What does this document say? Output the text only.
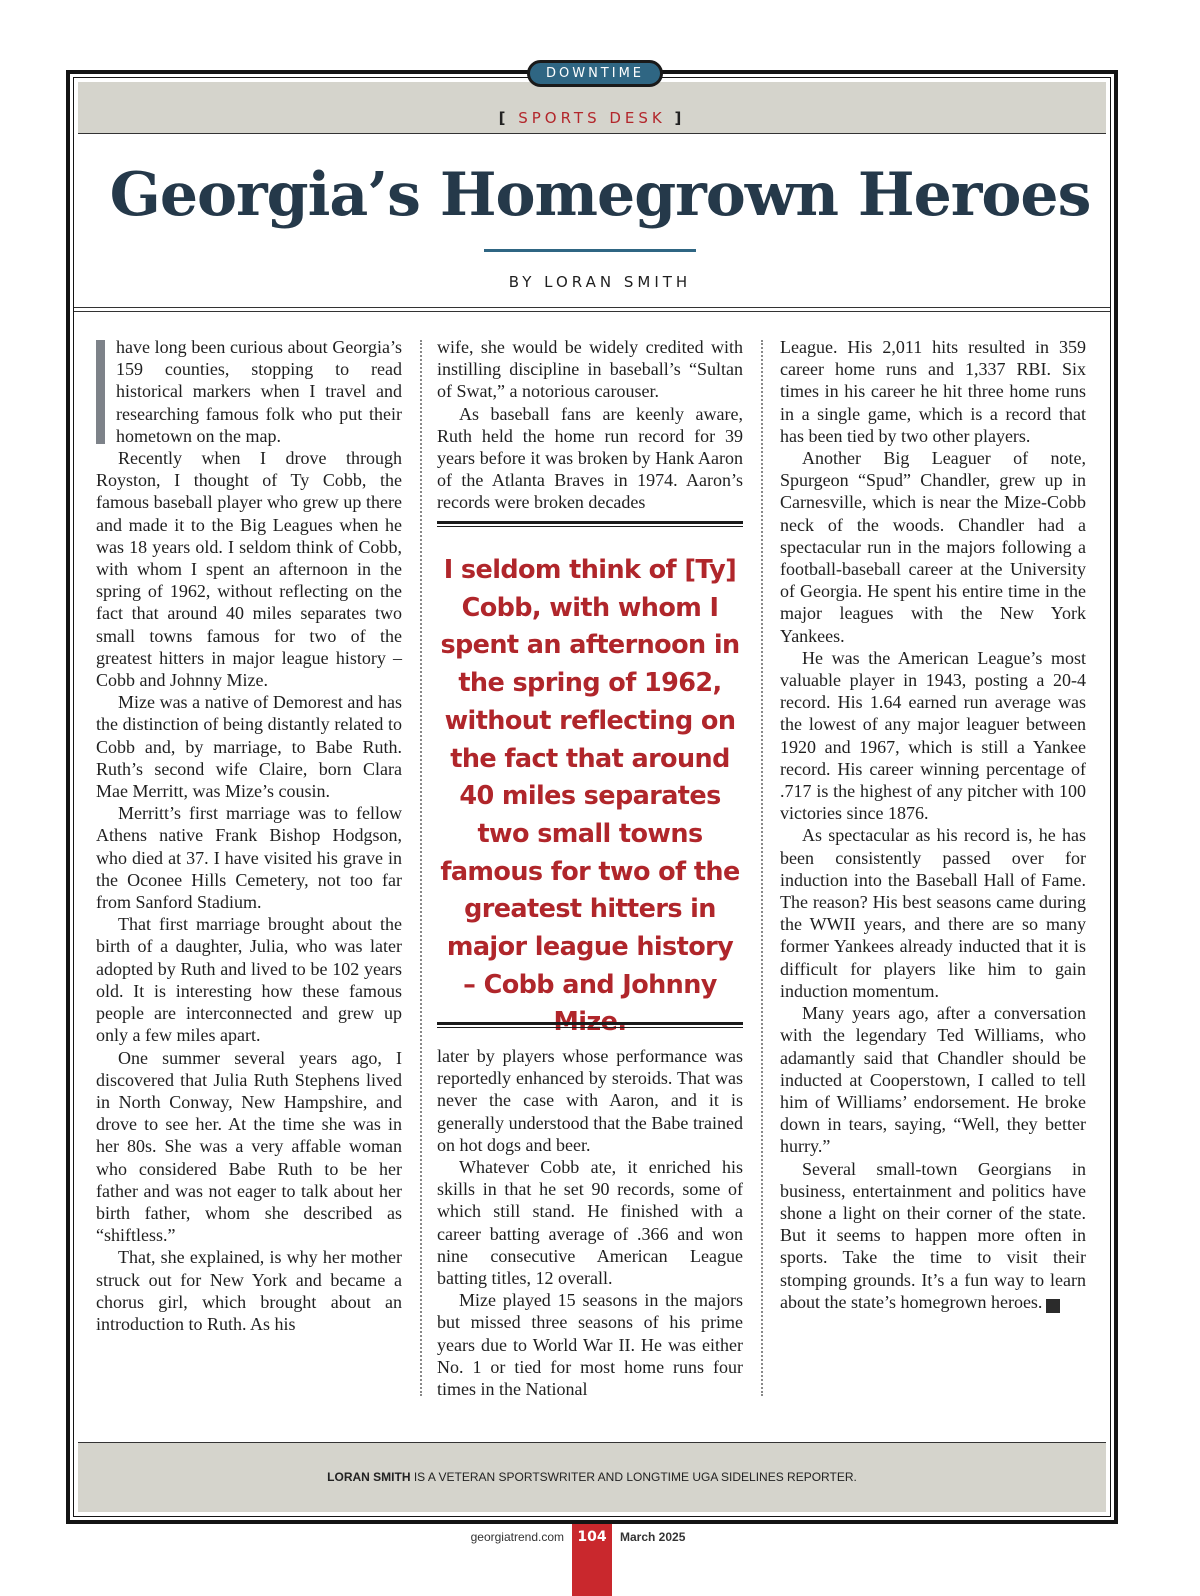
[ SPORTS DESK ]
LORAN SMITH IS A VETERAN SPORTSWRITER AND LONGTIME UGA SIDELINES REPORTER.
DOWNTIME
Georgia’s Homegrown Heroes
BY LORAN SMITH

have long been curious about Georgia’s 159 counties, stopping to read historical markers when I travel and researching famous folk who put their hometown on the map.

Recently when I drove through Royston, I thought of Ty Cobb, the famous baseball player who grew up there and made it to the Big Leagues when he was 18 years old. I seldom think of Cobb, with whom I spent an afternoon in the spring of 1962, without reflecting on the fact that around 40 miles separates two small towns famous for two of the greatest hitters in major league history – Cobb and Johnny Mize.

Mize was a native of Demorest and has the distinction of being distantly related to Cobb and, by marriage, to Babe Ruth. Ruth’s second wife Claire, born Clara Mae Merritt, was Mize’s cousin.

Merritt’s first marriage was to fellow Athens native Frank Bishop Hodgson, who died at 37. I have visited his grave in the Oconee Hills Cemetery, not too far from Sanford Stadium.

That first marriage brought about the birth of a daughter, Julia, who was later adopted by Ruth and lived to be 102 years old. It is interesting how these famous people are interconnected and grew up only a few miles apart.

One summer several years ago, I discovered that Julia Ruth Stephens lived in North Conway, New Hampshire, and drove to see her. At the time she was in her 80s. She was a very affable woman who considered Babe Ruth to be her father and was not eager to talk about her birth father, whom she described as “shiftless.”

That, she explained, is why her mother struck out for New York and became a chorus girl, which brought about an introduction to Ruth. As his

wife, she would be widely credited with instilling discipline in baseball’s “Sultan of Swat,” a notorious carouser.

As baseball fans are keenly aware, Ruth held the home run record for 39 years before it was broken by Hank Aaron of the Atlanta Braves in 1974. Aaron’s records were broken decades

I seldom think of [Ty] Cobb, with whom I spent an afternoon in the spring of 1962, without reflecting on the fact that around 40 miles separates two small towns famous for two of the greatest hitters in major league history – Cobb and Johnny Mize.

later by players whose performance was reportedly enhanced by steroids. That was never the case with Aaron, and it is generally understood that the Babe trained on hot dogs and beer.

Whatever Cobb ate, it enriched his skills in that he set 90 records, some of which still stand. He finished with a career batting average of .366 and won nine consecutive American League batting titles, 12 overall.

Mize played 15 seasons in the majors but missed three seasons of his prime years due to World War II. He was either No. 1 or tied for most home runs four times in the National

League. His 2,011 hits resulted in 359 career home runs and 1,337 RBI. Six times in his career he hit three home runs in a single game, which is a record that has been tied by two other players.

Another Big Leaguer of note, Spurgeon “Spud” Chandler, grew up in Carnesville, which is near the Mize-Cobb neck of the woods. Chandler had a spectacular run in the majors following a football-baseball career at the University of Georgia. He spent his entire time in the major leagues with the New York Yankees.

He was the American League’s most valuable player in 1943, posting a 20-4 record. His 1.64 earned run average was the lowest of any major leaguer between 1920 and 1967, which is still a Yankee record. His career winning percentage of .717 is the highest of any pitcher with 100 victories since 1876.

As spectacular as his record is, he has been consistently passed over for induction into the Baseball Hall of Fame. The reason? His best seasons came during the WWII years, and there are so many former Yankees already inducted that it is difficult for players like him to gain induction momentum.

Many years ago, after a conversation with the legendary Ted Williams, who adamantly said that Chandler should be inducted at Cooperstown, I called to tell him of Williams’ endorsement. He broke down in tears, saying, “Well, they better hurry.”

Several small-town Georgians in business, entertainment and politics have shone a light on their corner of the state. But it seems to happen more often in sports. Take the time to visit their stomping grounds. It’s a fun way to learn about the state’s homegrown heroes.	GT

georgiatrend.com 104	March 2025
